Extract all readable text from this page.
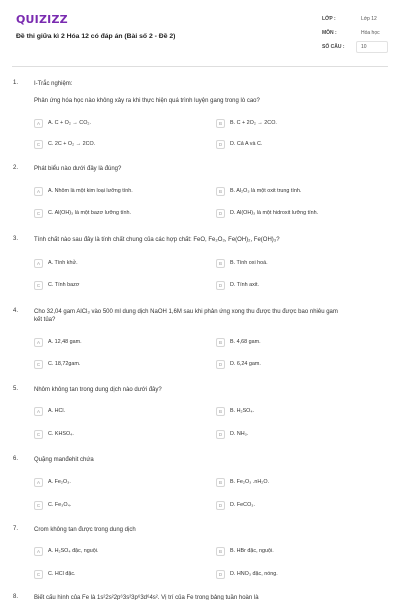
QUIZIZZ
Đề thi giữa kì 2 Hóa 12 có đáp án (Bài số 2 - Đề 2)
LỚP :	Lớp 12
MÔN :	Hóa học
SỐ CÂU :	10
1.	I-Trắc nghiệm:
Phản ứng hóa học nào không xảy ra khi thực hiện quá trình luyện gang trong lò cao?
A	A. C + O₂ → CO₂.	B	B. C + 2O₂ → 2CO.
C	C. 2C + O₂ → 2CO.	D	D. Cả A và C.
2.	Phát biểu nào dưới đây là đúng?
A	A. Nhôm là một kim loại lưỡng tính.	B	B. Al₂O₃ là một oxit trung tính.
C	C. Al(OH)₃ là một bazơ lưỡng tính.	D	D. Al(OH)₃ là một hidroxit lưỡng tính.
3.	Tính chất nào sau đây là tính chất chung của các hợp chất: FeO, Fe₂O₃, Fe(OH)₂, Fe(OH)₃?
A	A. Tính khử.	B	B. Tính oxi hoá.
C	C. Tính bazơ	D	D. Tính axit.
4.	Cho 32,04 gam AlCl₃ vào 500 ml dung dịch NaOH 1,6M sau khi phản ứng xong thu được thu được bao nhiêu gam
kết tủa?
A	A. 12,48 gam.	B	B. 4,68 gam.
C	C. 18,72gam.	D	D. 6,24 gam.
5.	Nhôm không tan trong dung dịch nào dưới đây?
A	A. HCl.	B	B. H₂SO₄.
C	C. KHSO₄.	D	D. NH₃.
6.	Quặng manđehit chứa
A	A. Fe₂O₃.	B	B. Fe₂O₃ .nH₂O.
C	C. Fe₃O₄.	D	D. FeCO₃.
7.	Crom không tan được trong dung dịch
A	A. H₂SO₄ đặc, nguội.	B	B. HBr đặc, nguội.
C	C. HCl đặc.	D	D. HNO₃ đặc, nóng.
8.	Biết cấu hình của Fe là 1s²2s²2p⁶3s²3p⁶3d⁶4s². Vị trí của Fe trong bảng tuần hoàn là
